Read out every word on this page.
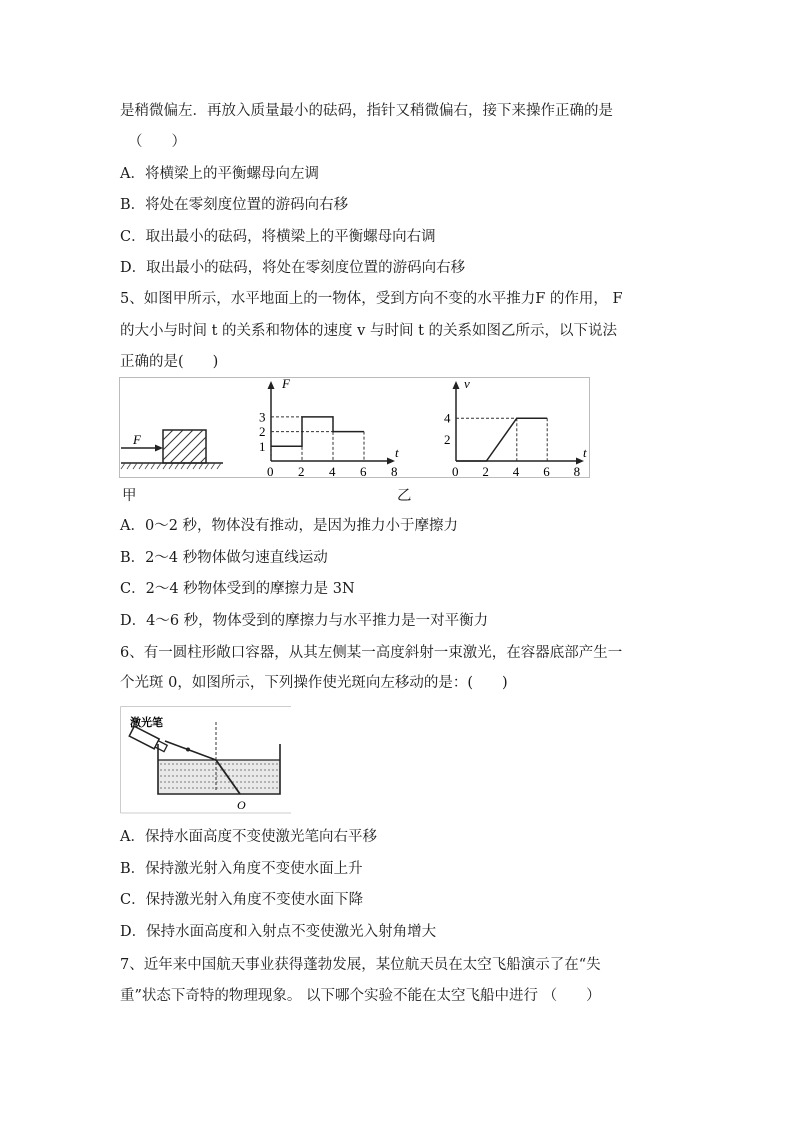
是稍微偏左．再放入质量最小的砝码，指针又稍微偏右，接下来操作正确的是
（　　）
A．将横梁上的平衡螺母向左调
B．将处在零刻度位置的游码向右移
C．取出最小的砝码，将横梁上的平衡螺母向右调
D．取出最小的砝码，将处在零刻度位置的游码向右移
5、如图甲所示，水平地面上的一物体，受到方向不变的水平推力F 的作用， F
的大小与时间 t 的关系和物体的速度 v 与时间 t 的关系如图乙所示，以下说法
正确的是(　　)
F
F
t
0 2 4 6 8
1
2
3
v
t
0 2 4 6 8
2
4
甲	乙
A．0～2 秒，物体没有推动，是因为推力小于摩擦力
B．2～4 秒物体做匀速直线运动
C．2～4 秒物体受到的摩擦力是 3N
D．4～6 秒，物体受到的摩擦力与水平推力是一对平衡力
6、有一圆柱形敞口容器，从其左侧某一高度斜射一束激光，在容器底部产生一
个光斑 0，如图所示，下列操作使光斑向左移动的是：(　　)
激光笔
O
A．保持水面高度不变使激光笔向右平移
B．保持激光射入角度不变使水面上升
C．保持激光射入角度不变使水面下降
D．保持水面高度和入射点不变使激光入射角增大
7、近年来中国航天事业获得蓬勃发展，某位航天员在太空飞船演示了在“失
重”状态下奇特的物理现象。 以下哪个实验不能在太空飞船中进行 （　　）
